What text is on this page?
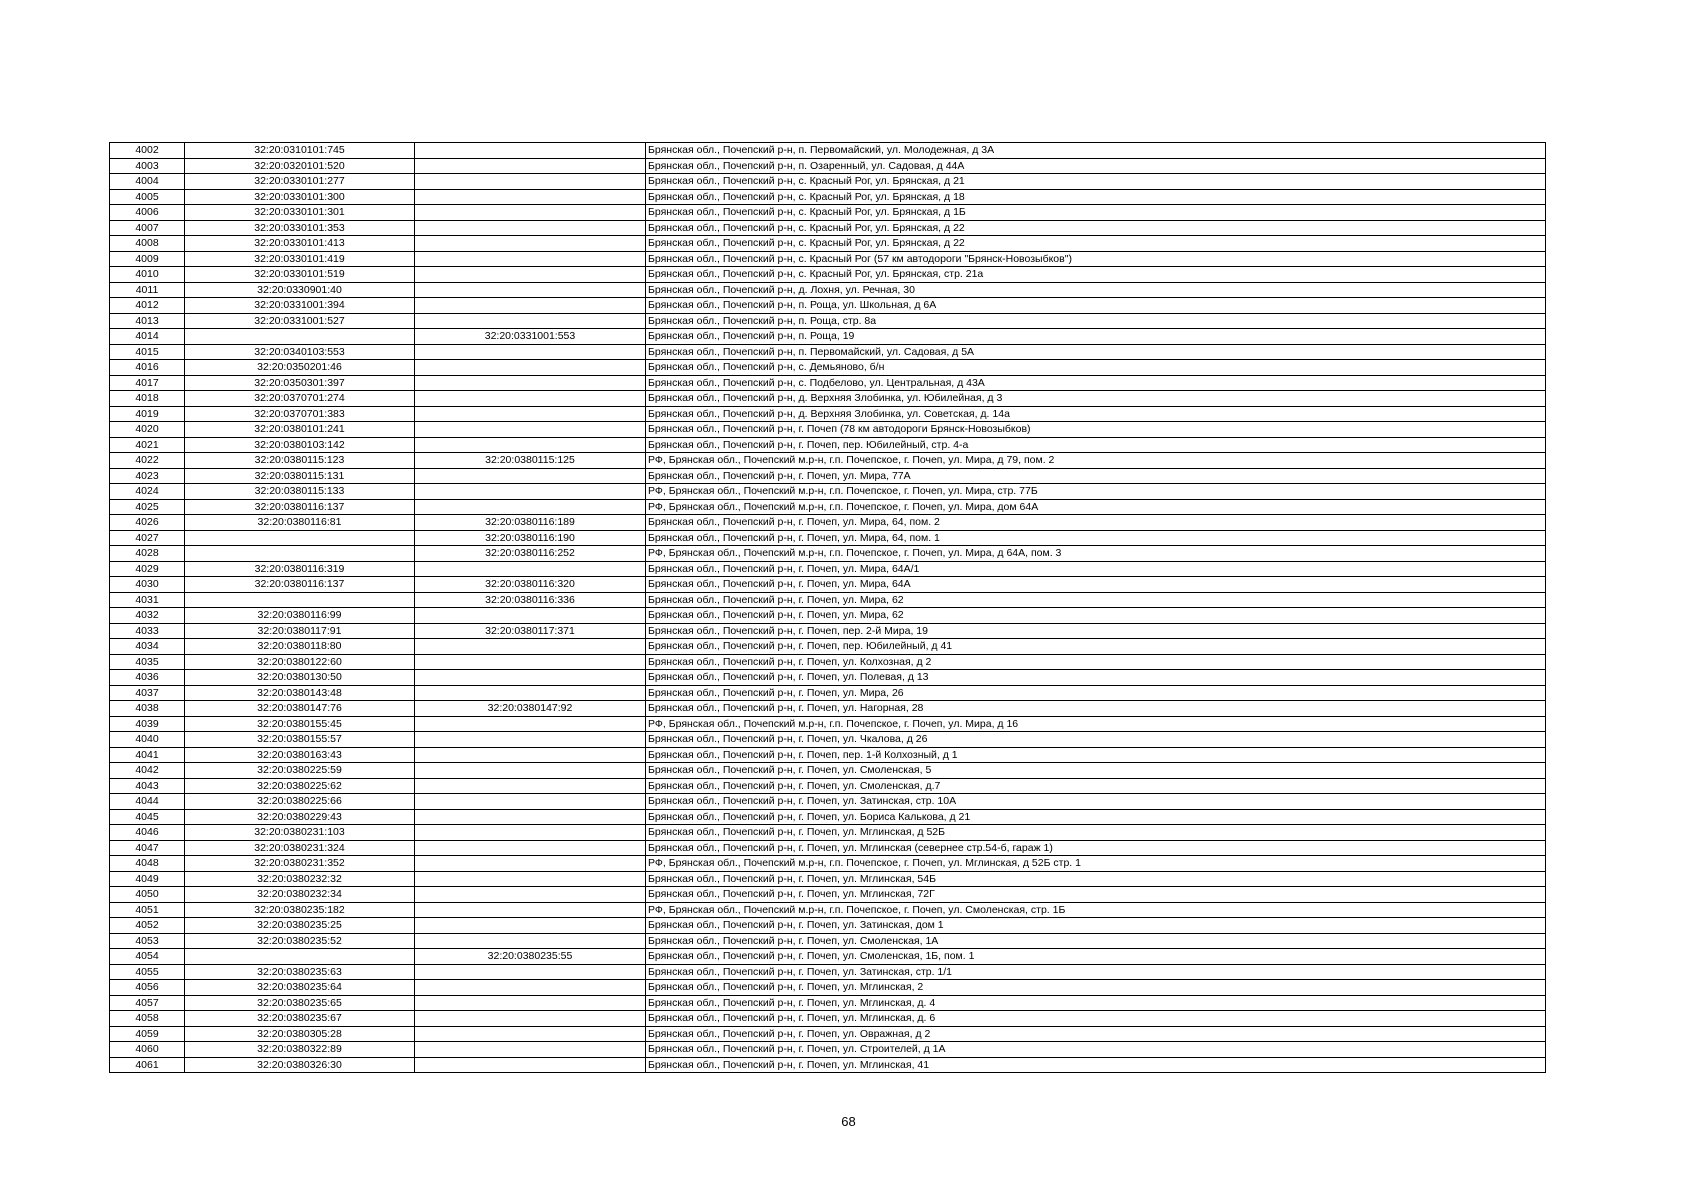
4002	32:20:0310101:745		Брянская обл., Почепский р-н, п. Первомайский, ул. Молодежная, д 3А
4003	32:20:0320101:520		Брянская обл., Почепский р-н, п. Озаренный, ул. Садовая, д 44А
4004	32:20:0330101:277		Брянская обл., Почепский р-н, с. Красный Рог, ул. Брянская, д 21
4005	32:20:0330101:300		Брянская обл., Почепский р-н, с. Красный Рог, ул. Брянская, д 18
4006	32:20:0330101:301		Брянская обл., Почепский р-н, с. Красный Рог, ул. Брянская, д 1Б
4007	32:20:0330101:353		Брянская обл., Почепский р-н, с. Красный Рог, ул. Брянская, д 22
4008	32:20:0330101:413		Брянская обл., Почепский р-н, с. Красный Рог, ул. Брянская, д 22
4009	32:20:0330101:419		Брянская обл., Почепский р-н, с. Красный Рог (57 км автодороги "Брянск-Новозыбков")
4010	32:20:0330101:519		Брянская обл., Почепский р-н, с. Красный Рог, ул. Брянская, стр. 21а
4011	32:20:0330901:40		Брянская обл., Почепский р-н, д. Лохня, ул. Речная, 30
4012	32:20:0331001:394		Брянская обл., Почепский р-н, п. Роща, ул. Школьная, д 6А
4013	32:20:0331001:527		Брянская обл., Почепский р-н, п. Роща, стр. 8а
4014		32:20:0331001:553	Брянская обл., Почепский р-н, п. Роща, 19
4015	32:20:0340103:553		Брянская обл., Почепский р-н, п. Первомайский, ул. Садовая, д 5А
4016	32:20:0350201:46		Брянская обл., Почепский р-н, с. Демьяново, б/н
4017	32:20:0350301:397		Брянская обл., Почепский р-н, с. Подбелово, ул. Центральная, д 43А
4018	32:20:0370701:274		Брянская обл., Почепский р-н, д. Верхняя Злобинка, ул. Юбилейная, д 3
4019	32:20:0370701:383		Брянская обл., Почепский р-н, д. Верхняя Злобинка, ул. Советская, д. 14а
4020	32:20:0380101:241		Брянская обл., Почепский р-н, г. Почеп (78 км автодороги Брянск-Новозыбков)
4021	32:20:0380103:142		Брянская обл., Почепский р-н, г. Почеп, пер. Юбилейный, стр. 4-а
4022	32:20:0380115:123	32:20:0380115:125	РФ, Брянская обл., Почепский м.р-н, г.п. Почепское, г. Почеп, ул. Мира, д 79, пом. 2
4023	32:20:0380115:131		Брянская обл., Почепский р-н, г. Почеп, ул. Мира, 77А
4024	32:20:0380115:133		РФ, Брянская обл., Почепский м.р-н, г.п. Почепское, г. Почеп, ул. Мира, стр. 77Б
4025	32:20:0380116:137		РФ, Брянская обл., Почепский м.р-н, г.п. Почепское, г. Почеп, ул. Мира, дом 64А
4026	32:20:0380116:81	32:20:0380116:189	Брянская обл., Почепский р-н, г. Почеп, ул. Мира, 64, пом. 2
4027		32:20:0380116:190	Брянская обл., Почепский р-н, г. Почеп, ул. Мира, 64, пом. 1
4028		32:20:0380116:252	РФ, Брянская обл., Почепский м.р-н, г.п. Почепское, г. Почеп, ул. Мира, д 64А, пом. 3
4029	32:20:0380116:319		Брянская обл., Почепский р-н, г. Почеп, ул. Мира, 64А/1
4030	32:20:0380116:137	32:20:0380116:320	Брянская обл., Почепский р-н, г. Почеп, ул. Мира, 64А
4031		32:20:0380116:336	Брянская обл., Почепский р-н, г. Почеп, ул. Мира, 62
4032	32:20:0380116:99		Брянская обл., Почепский р-н, г. Почеп, ул. Мира, 62
4033	32:20:0380117:91	32:20:0380117:371	Брянская обл., Почепский р-н, г. Почеп, пер. 2-й Мира, 19
4034	32:20:0380118:80		Брянская обл., Почепский р-н, г. Почеп, пер. Юбилейный, д 41
4035	32:20:0380122:60		Брянская обл., Почепский р-н, г. Почеп, ул. Колхозная, д 2
4036	32:20:0380130:50		Брянская обл., Почепский р-н, г. Почеп, ул. Полевая, д 13
4037	32:20:0380143:48		Брянская обл., Почепский р-н, г. Почеп, ул. Мира, 26
4038	32:20:0380147:76	32:20:0380147:92	Брянская обл., Почепский р-н, г. Почеп, ул. Нагорная, 28
4039	32:20:0380155:45		РФ, Брянская обл., Почепский м.р-н, г.п. Почепское, г. Почеп, ул. Мира, д 16
4040	32:20:0380155:57		Брянская обл., Почепский р-н, г. Почеп, ул. Чкалова, д 26
4041	32:20:0380163:43		Брянская обл., Почепский р-н, г. Почеп, пер. 1-й Колхозный, д 1
4042	32:20:0380225:59		Брянская обл., Почепский р-н, г. Почеп, ул. Смоленская, 5
4043	32:20:0380225:62		Брянская обл., Почепский р-н, г. Почеп, ул. Смоленская, д.7
4044	32:20:0380225:66		Брянская обл., Почепский р-н, г. Почеп, ул. Затинская, стр. 10А
4045	32:20:0380229:43		Брянская обл., Почепский р-н, г. Почеп, ул. Бориса Калькова, д 21
4046	32:20:0380231:103		Брянская обл., Почепский р-н, г. Почеп, ул. Мглинская, д 52Б
4047	32:20:0380231:324		Брянская обл., Почепский р-н, г. Почеп, ул. Мглинская (севернее стр.54-б, гараж 1)
4048	32:20:0380231:352		РФ, Брянская обл., Почепский м.р-н, г.п. Почепское, г. Почеп, ул. Мглинская, д 52Б стр. 1
4049	32:20:0380232:32		Брянская обл., Почепский р-н, г. Почеп, ул. Мглинская, 54Б
4050	32:20:0380232:34		Брянская обл., Почепский р-н, г. Почеп, ул. Мглинская, 72Г
4051	32:20:0380235:182		РФ, Брянская обл., Почепский м.р-н, г.п. Почепское, г. Почеп, ул. Смоленская, стр. 1Б
4052	32:20:0380235:25		Брянская обл., Почепский р-н, г. Почеп, ул. Затинская, дом 1
4053	32:20:0380235:52		Брянская обл., Почепский р-н, г. Почеп, ул. Смоленская, 1А
4054		32:20:0380235:55	Брянская обл., Почепский р-н, г. Почеп, ул. Смоленская, 1Б, пом. 1
4055	32:20:0380235:63		Брянская обл., Почепский р-н, г. Почеп, ул. Затинская, стр. 1/1
4056	32:20:0380235:64		Брянская обл., Почепский р-н, г. Почеп, ул. Мглинская, 2
4057	32:20:0380235:65		Брянская обл., Почепский р-н, г. Почеп, ул. Мглинская, д. 4
4058	32:20:0380235:67		Брянская обл., Почепский р-н, г. Почеп, ул. Мглинская, д. 6
4059	32:20:0380305:28		Брянская обл., Почепский р-н, г. Почеп, ул. Овражная, д 2
4060	32:20:0380322:89		Брянская обл., Почепский р-н, г. Почеп, ул. Строителей, д 1А
4061	32:20:0380326:30		Брянская обл., Почепский р-н, г. Почеп, ул. Мглинская, 41
68
